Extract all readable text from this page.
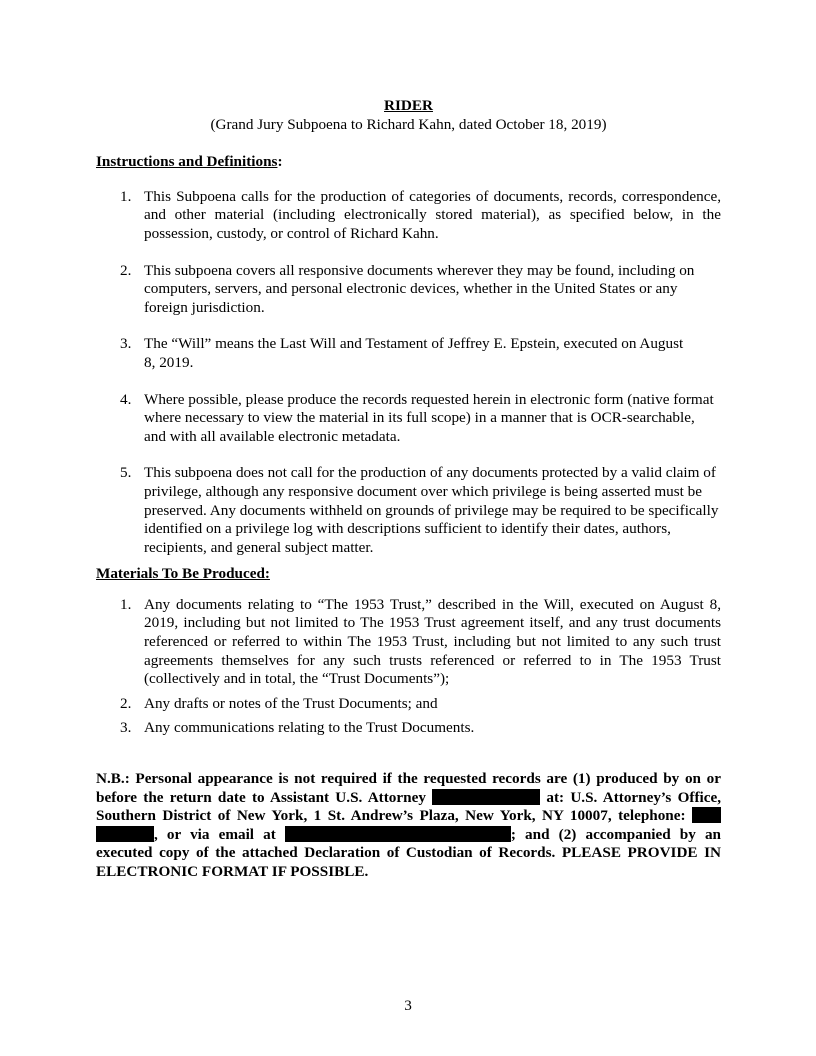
RIDER

(Grand Jury Subpoena to Richard Kahn, dated October 18, 2019)

Instructions and Definitions:

1. This Subpoena calls for the production of categories of documents, records, correspondence, and other material (including electronically stored material), as specified below, in the possession, custody, or control of Richard Kahn.
2. This subpoena covers all responsive documents wherever they may be found, including on computers, servers, and personal electronic devices, whether in the United States or any foreign jurisdiction.
3. The “Will” means the Last Will and Testament of Jeffrey E. Epstein, executed on August 8, 2019.
4. Where possible, please produce the records requested herein in electronic form (native format where necessary to view the material in its full scope) in a manner that is OCR-searchable, and with all available electronic metadata.
5. This subpoena does not call for the production of any documents protected by a valid claim of privilege, although any responsive document over which privilege is being asserted must be preserved. Any documents withheld on grounds of privilege may be required to be specifically identified on a privilege log with descriptions sufficient to identify their dates, authors, recipients, and general subject matter.

Materials To Be Produced:

1. Any documents relating to “The 1953 Trust,” described in the Will, executed on August 8, 2019, including but not limited to The 1953 Trust agreement itself, and any trust documents referenced or referred to within The 1953 Trust, including but not limited to any such trust agreements themselves for any such trusts referenced or referred to in The 1953 Trust (collectively and in total, the “Trust Documents”);
2. Any drafts or notes of the Trust Documents; and
3. Any communications relating to the Trust Documents.

N.B.: Personal appearance is not required if the requested records are (1) produced by on or before the return date to Assistant U.S. Attorney	at: U.S. Attorney’s Office, Southern District of New York, 1 St. Andrew’s Plaza, New York, NY 10007, telephone:  , or via email at	; and (2) accompanied by an executed copy of the attached Declaration of Custodian of Records. PLEASE PROVIDE IN ELECTRONIC FORMAT IF POSSIBLE.

3
